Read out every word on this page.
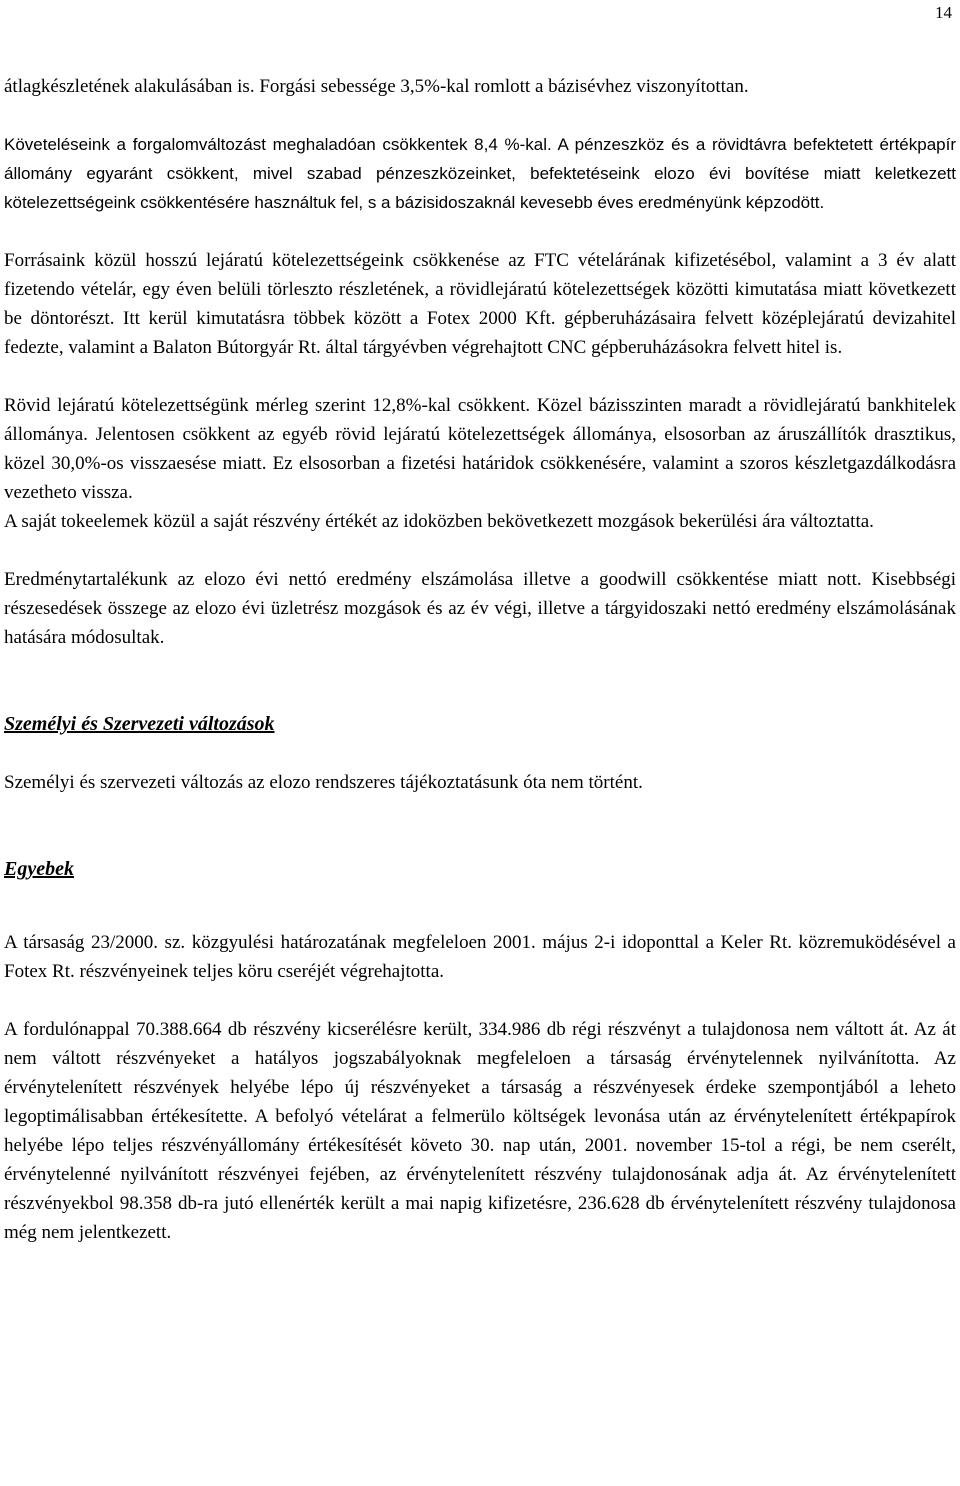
14

átlagkészletének alakulásában is. Forgási sebessége 3,5%-kal romlott a bázisévhez viszonyítottan.

Követeléseink a forgalomváltozást meghaladóan csökkentek 8,4 %-kal. A pénzeszköz és a rövidtávra befektetett értékpapír állomány egyaránt csökkent, mivel szabad pénzeszközeinket, befektetéseink elozo évi bovítése miatt keletkezett kötelezettségeink csökkentésére használtuk fel, s a bázisidoszaknál kevesebb éves eredményünk képzodött.

Forrásaink közül hosszú lejáratú kötelezettségeink csökkenése az FTC vételárának kifizetésébol, valamint a 3 év alatt fizetendo vételár, egy éven belüli törleszto részletének, a rövidlejáratú kötelezettségek közötti kimutatása miatt következett be döntorészt. Itt kerül kimutatásra többek között a Fotex 2000 Kft. gépberuházásaira felvett középlejáratú devizahitel fedezte, valamint a Balaton Bútorgyár Rt. által tárgyévben végrehajtott CNC gépberuházásokra felvett hitel is.

Rövid lejáratú kötelezettségünk mérleg szerint 12,8%-kal csökkent. Közel bázisszinten maradt a rövidlejáratú bankhitelek állománya. Jelentosen csökkent az egyéb rövid lejáratú kötelezettségek állománya, elsosorban az áruszállítók drasztikus, közel 30,0%-os visszaesése miatt. Ez elsosorban a fizetési határidok csökkenésére, valamint a szoros készletgazdálkodásra vezetheto vissza.

A saját tokeelemek közül a saját részvény értékét az idoközben bekövetkezett mozgások bekerülési ára változtatta.

Eredménytartalékunk az elozo évi nettó eredmény elszámolása illetve a goodwill csökkentése miatt nott. Kisebbségi részesedések összege az elozo évi üzletrész mozgások és az év végi, illetve a tárgyidoszaki nettó eredmény elszámolásának hatására módosultak.

Személyi és Szervezeti változások

Személyi és szervezeti változás az elozo rendszeres tájékoztatásunk óta nem történt.

Egyebek

A társaság 23/2000. sz. közgyulési határozatának megfeleloen 2001. május 2-i idoponttal a Keler Rt. közremuködésével a Fotex Rt. részvényeinek teljes köru cseréjét végrehajtotta.

A fordulónappal 70.388.664 db részvény kicserélésre került, 334.986 db régi részvényt a tulajdonosa nem váltott át. Az át nem váltott részvényeket a hatályos jogszabályoknak megfeleloen a társaság érvénytelennek nyilvánította. Az érvénytelenített részvények helyébe lépo új részvényeket a társaság a részvényesek érdeke szempontjából a leheto legoptimálisabban értékesítette. A befolyó vételárat a felmerülo költségek levonása után az érvénytelenített értékpapírok helyébe lépo teljes részvényállomány értékesítését követo 30. nap után, 2001. november 15-tol a régi, be nem cserélt, érvénytelenné nyilvánított részvényei fejében, az érvénytelenített részvény tulajdonosának adja át. Az érvénytelenített részvényekbol 98.358 db-ra jutó ellenérték került a mai napig kifizetésre, 236.628 db érvénytelenített részvény tulajdonosa még nem jelentkezett.
